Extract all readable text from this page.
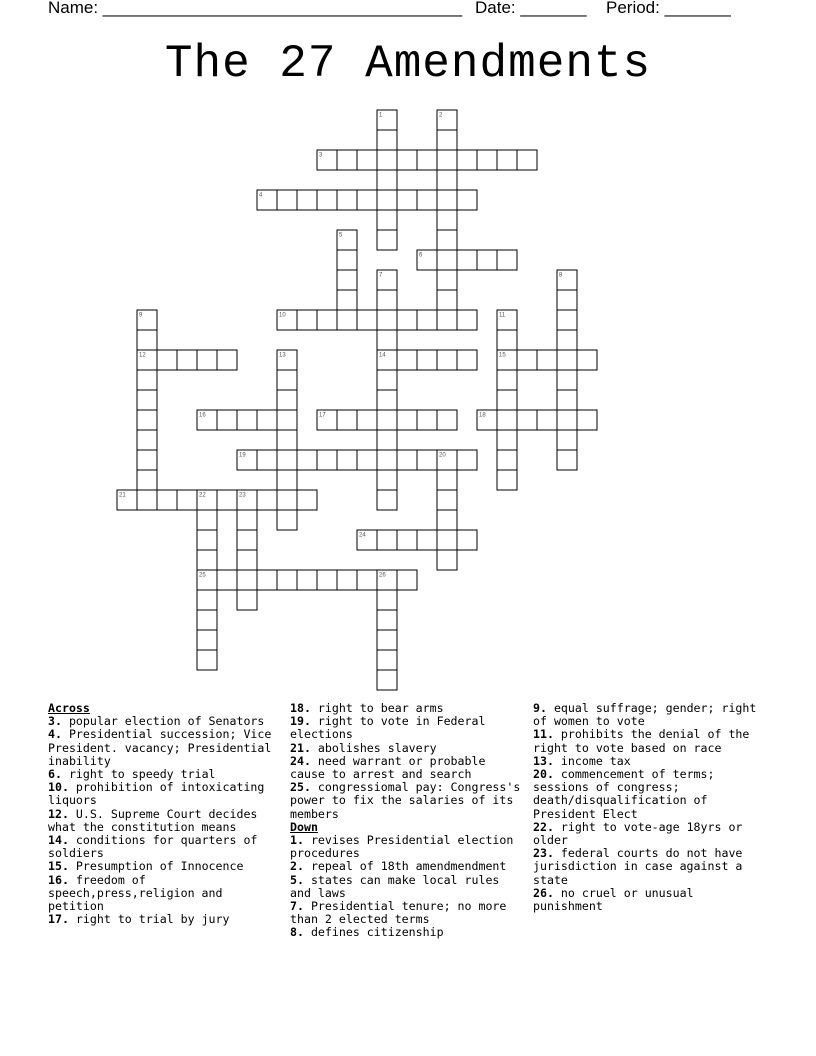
Name: ______________________________________ Date: _______ Period: _______
The 27 Amendments
1	2
3
4
5
6
7	8
9	10	11
12	13	14	15
16	17	18
19	20
21	22	23
24
25	26

Across

3. popular election of Senators

4. Presidential succession; Vice President. vacancy; Presidential inability

6. right to speedy trial

10. prohibition of intoxicating liquors

12. U.S. Supreme Court decides what the constitution means

14. conditions for quarters of soldiers

15. Presumption of Innocence

16. freedom of speech,press,religion and petition

17. right to trial by jury

18. right to bear arms

19. right to vote in Federal elections

21. abolishes slavery

24. need warrant or probable cause to arrest and search

25. congressiomal pay: Congress's power to fix the salaries of its members

Down

1. revises Presidential election procedures

2. repeal of 18th amendmendment

5. states can make local rules and laws

7. Presidential tenure; no more than 2 elected terms

8. defines citizenship

9. equal suffrage; gender; right of women to vote

11. prohibits the denial of the right to vote based on race

13. income tax

20. commencement of terms; sessions of congress; death/disqualification of President Elect

22. right to vote-age 18yrs or older

23. federal courts do not have jurisdiction in case against a state

26. no cruel or unusual punishment
